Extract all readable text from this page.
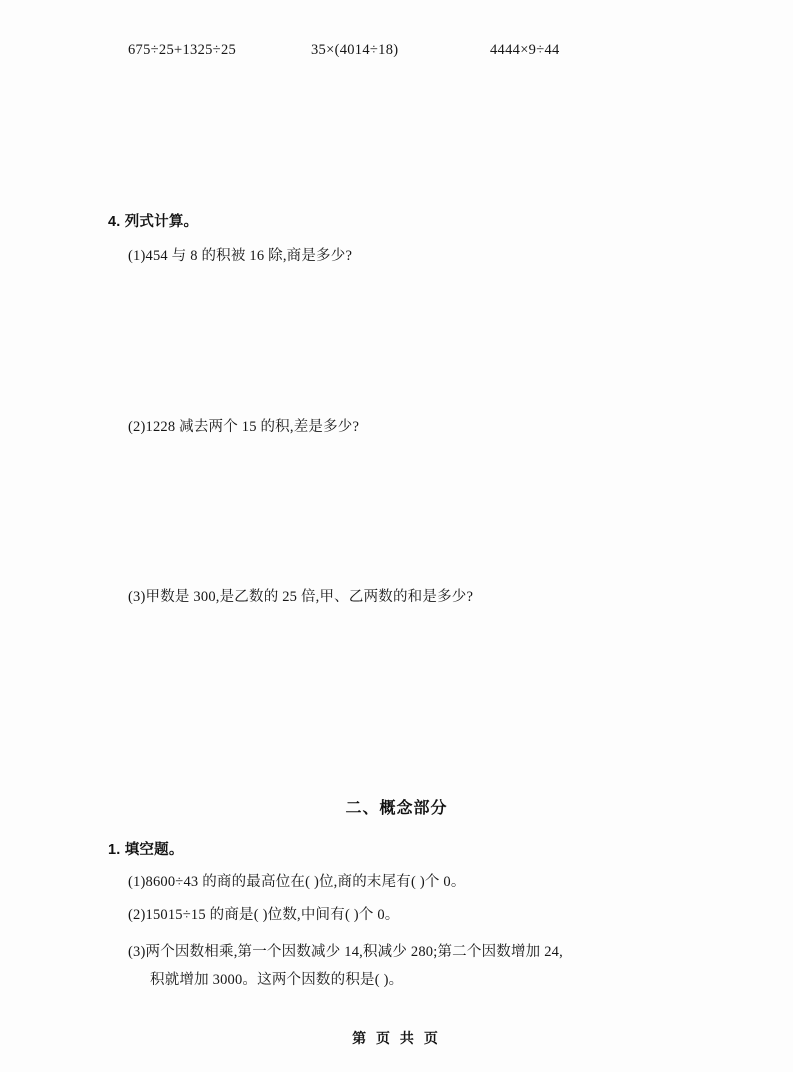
675÷25+1325÷25	35×(4014÷18)	4444×9÷44
4. 列式计算。
(1)454 与 8 的积被 16 除,商是多少?
(2)1228 减去两个 15 的积,差是多少?
(3)甲数是 300,是乙数的 25 倍,甲、乙两数的和是多少?
二、概念部分
1. 填空题。
(1)8600÷43 的商的最高位在( )位,商的末尾有( )个 0。
(2)15015÷15 的商是( )位数,中间有( )个 0。
(3)两个因数相乘,第一个因数减少 14,积减少 280;第二个因数增加 24,
积就增加 3000。这两个因数的积是( )。
第 页 共 页
